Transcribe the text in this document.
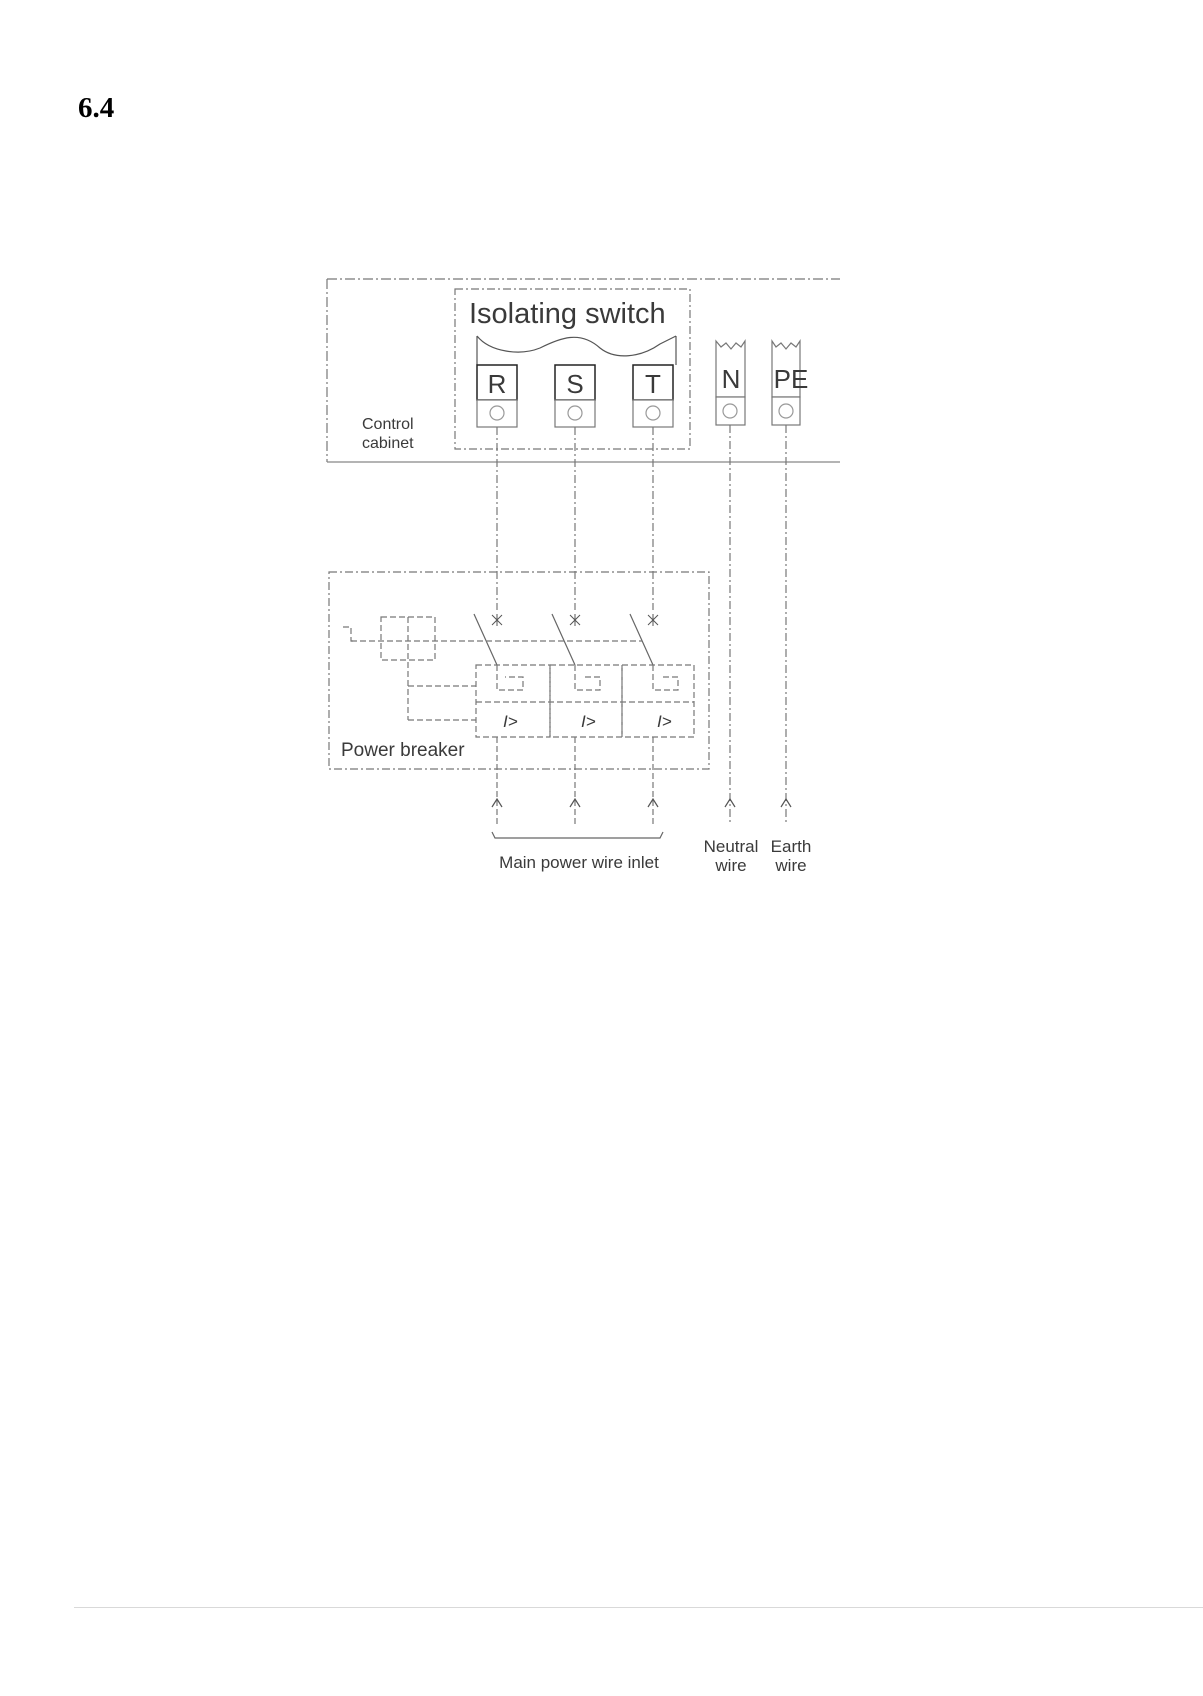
6.4
Isolating switch
R S T N PE
Control
cabinet
I>	I>	I>
Power breaker
Main power wire inlet
Neutral
wire
Earth
wire
